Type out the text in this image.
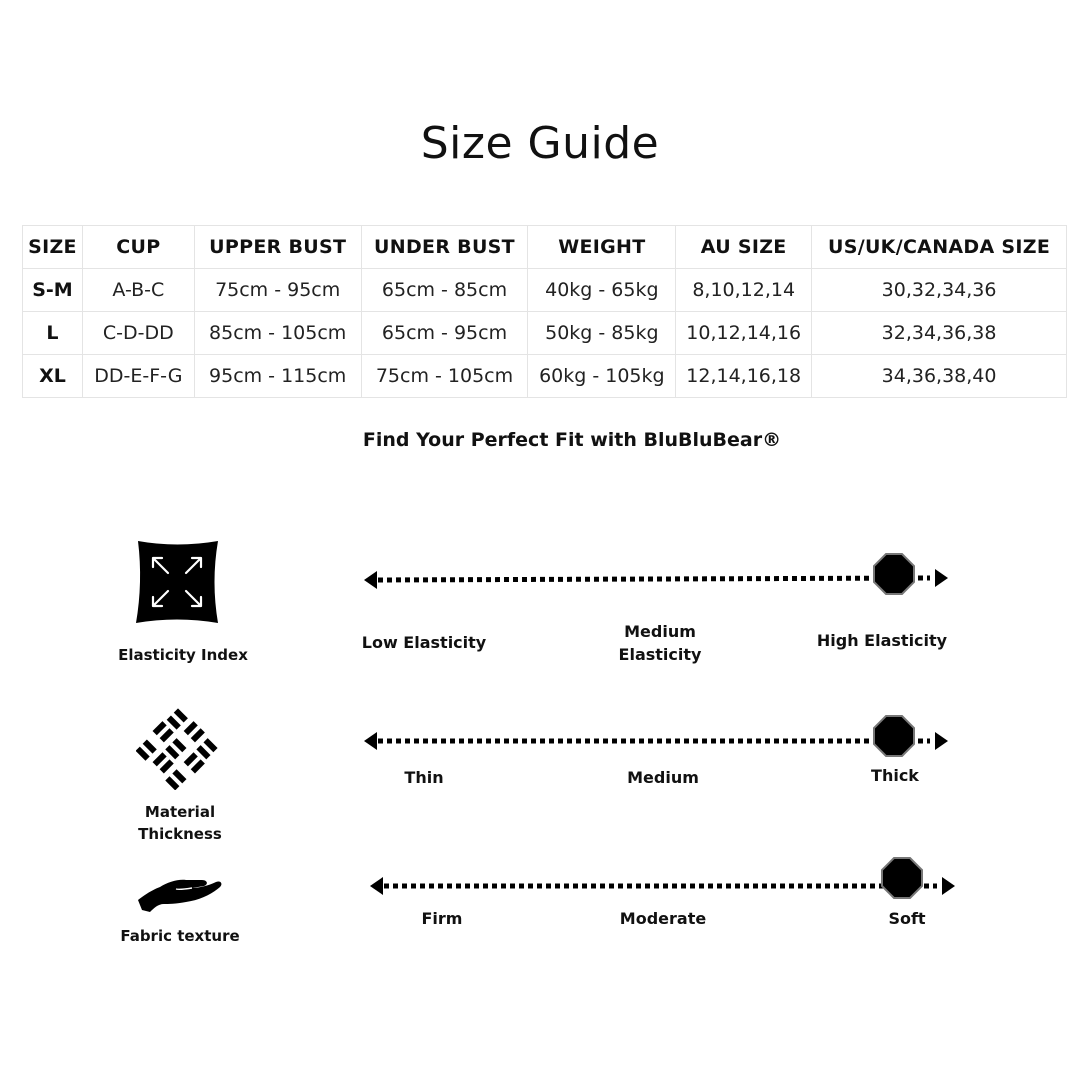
Size Guide
SIZE	CUP	UPPER BUST	UNDER BUST	WEIGHT	AU SIZE	US/UK/CANADA SIZE
S-M	A-B-C	75cm - 95cm	65cm - 85cm	40kg - 65kg	8,10,12,14	30,32,34,36
L	C-D-DD	85cm - 105cm	65cm - 95cm	50kg - 85kg	10,12,14,16	32,34,36,38
XL	DD-E-F-G	95cm - 115cm	75cm - 105cm	60kg - 105kg	12,14,16,18	34,36,38,40
Find Your Perfect Fit with BluBluBear®
Elasticity Index
Low Elasticity
Medium
Elasticity
High Elasticity
Material
Thickness
Thin	Medium	Thick
Fabric texture
Firm	Moderate	Soft
